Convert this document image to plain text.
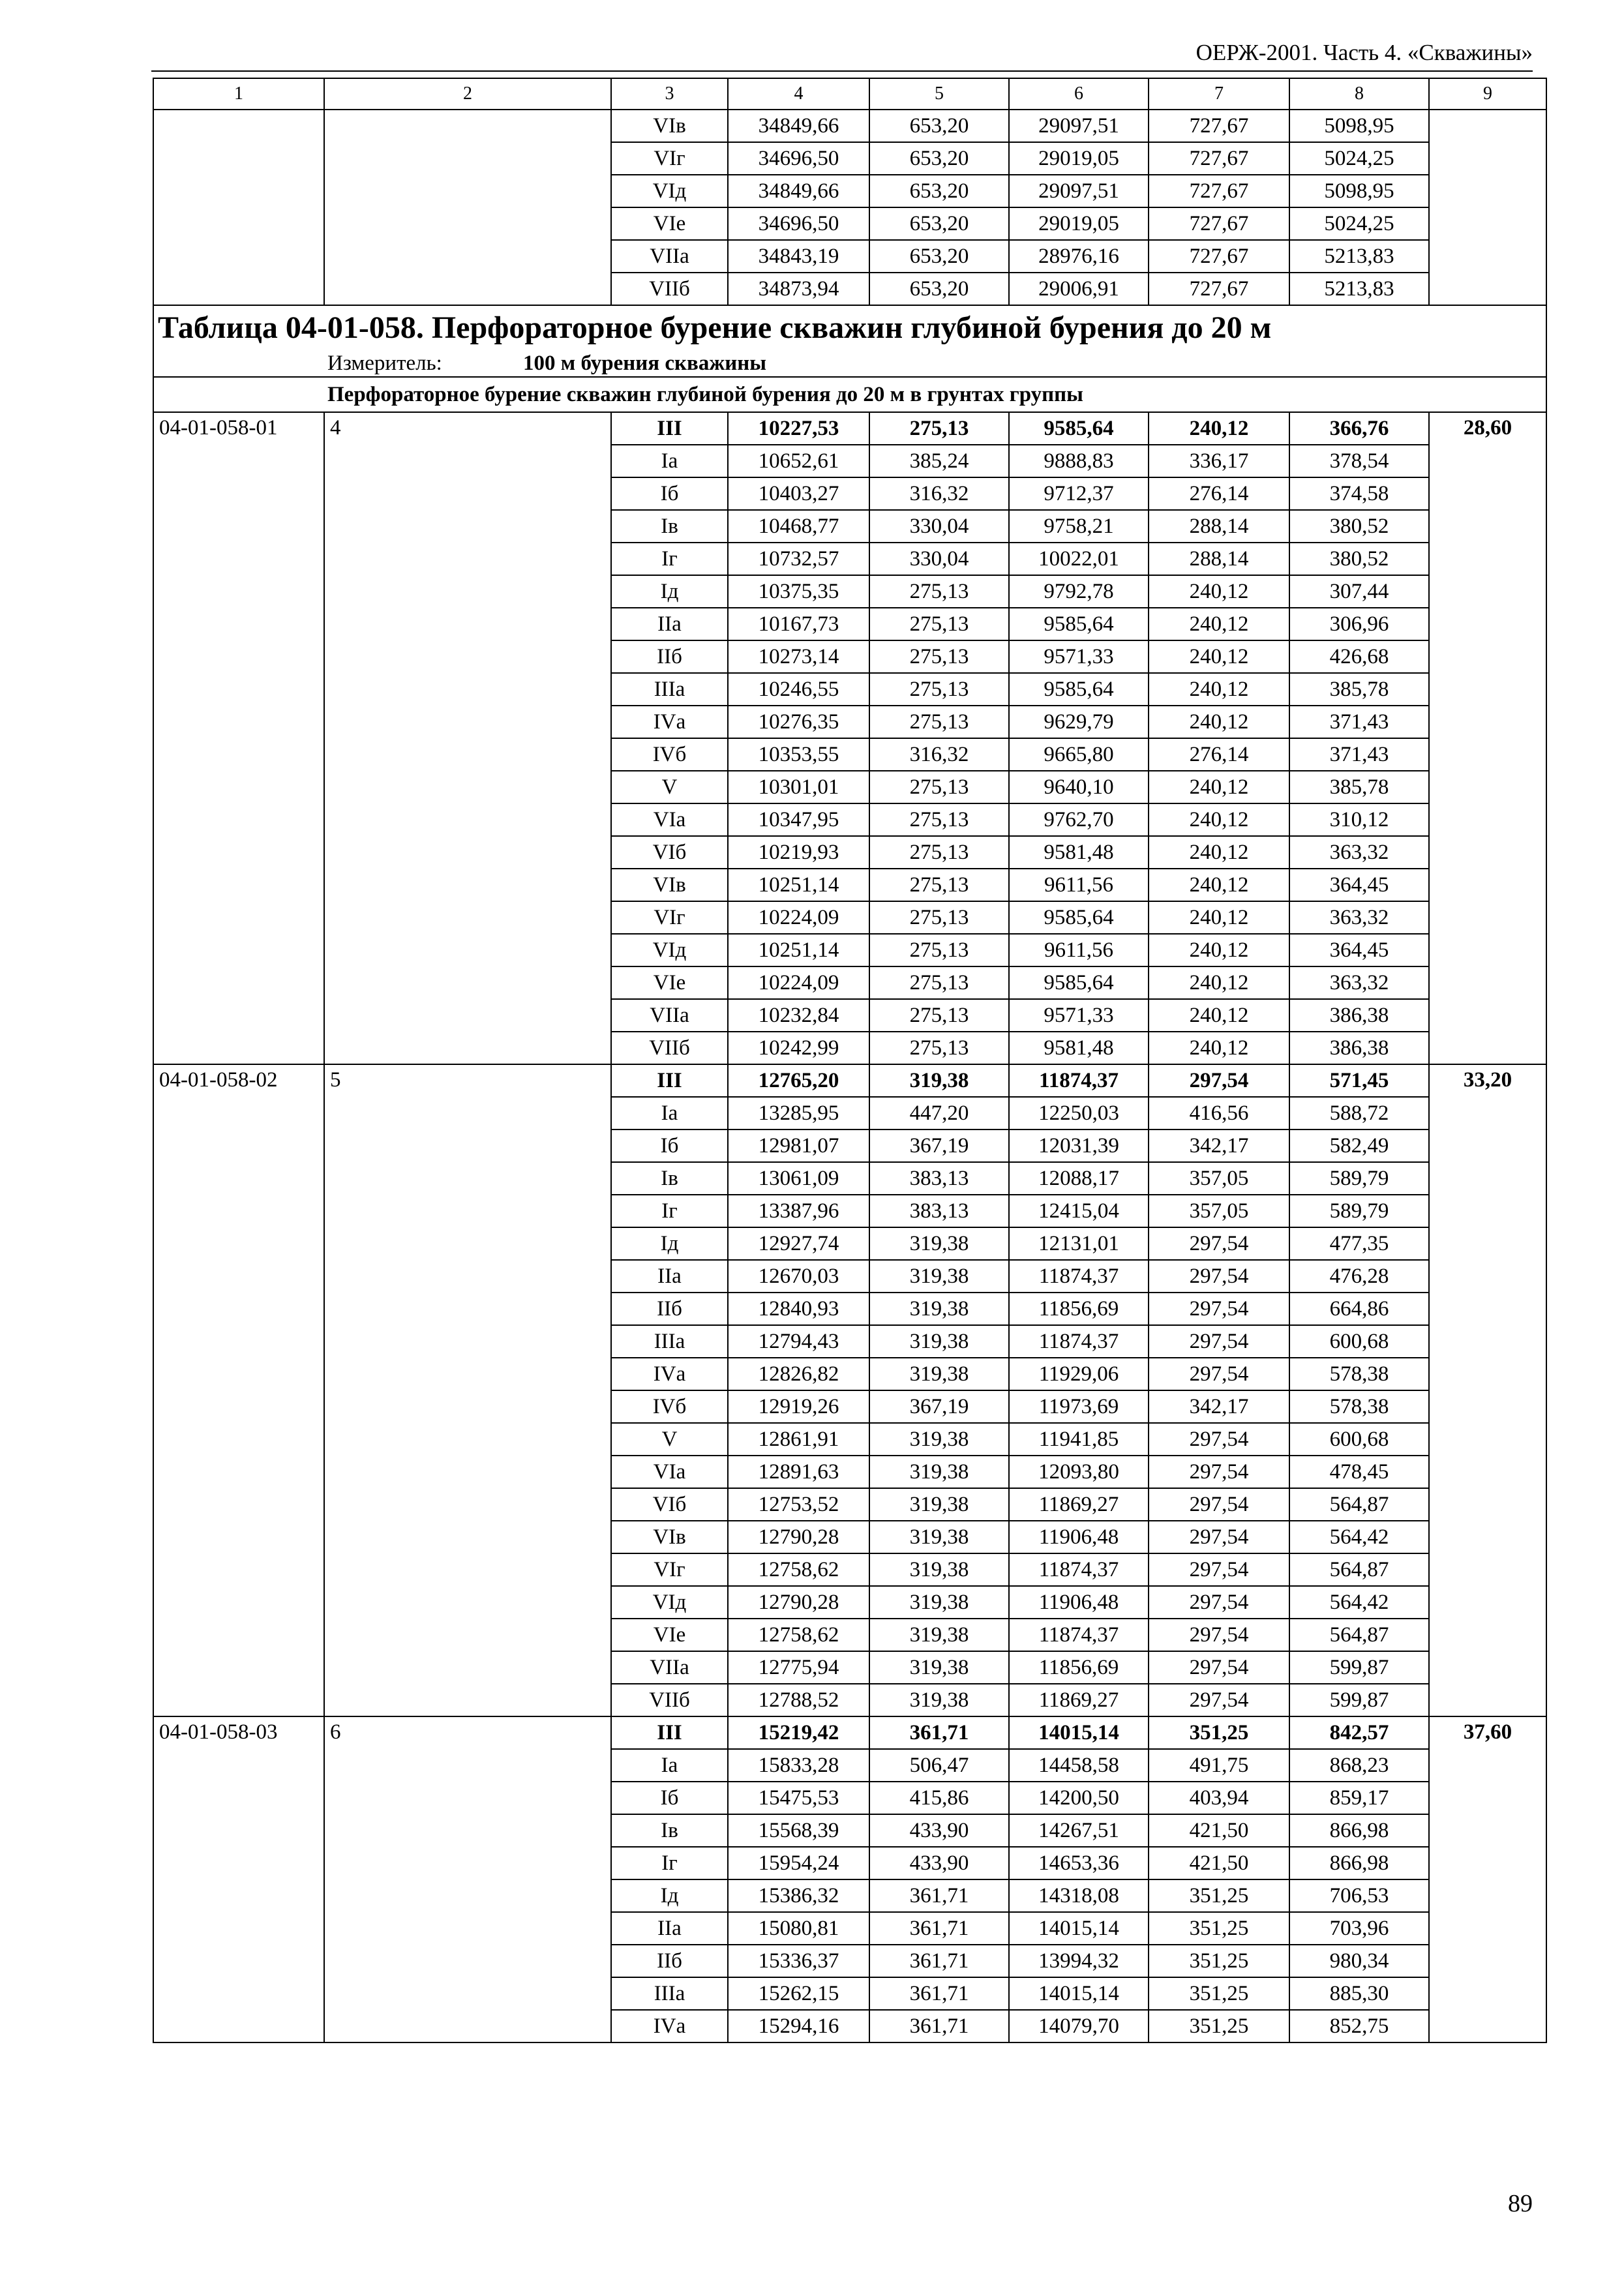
ОЕРЖ-2001. Часть 4. «Скважины»
1	2	3	4	5	6	7	8	9
		VIв	34849,66	653,20	29097,51	727,67	5098,95	
		VIг	34696,50	653,20	29019,05	727,67	5024,25	
		VIд	34849,66	653,20	29097,51	727,67	5098,95	
		VIе	34696,50	653,20	29019,05	727,67	5024,25	
		VIIа	34843,19	653,20	28976,16	727,67	5213,83	
		VIIб	34873,94	653,20	29006,91	727,67	5213,83	
Таблица 04-01-058. Перфораторное бурение скважин глубиной бурения до 20 м								
Измеритель: 100 м бурения скважины								
Перфораторное бурение скважин глубиной бурения до 20 м в грунтах группы								
04-01-058-01	4	III	10227,53	275,13	9585,64	240,12	366,76	28,60
		Iа	10652,61	385,24	9888,83	336,17	378,54	
		Iб	10403,27	316,32	9712,37	276,14	374,58	
		Iв	10468,77	330,04	9758,21	288,14	380,52	
		Iг	10732,57	330,04	10022,01	288,14	380,52	
		Iд	10375,35	275,13	9792,78	240,12	307,44	
		IIа	10167,73	275,13	9585,64	240,12	306,96	
		IIб	10273,14	275,13	9571,33	240,12	426,68	
		IIIа	10246,55	275,13	9585,64	240,12	385,78	
		IVа	10276,35	275,13	9629,79	240,12	371,43	
		IVб	10353,55	316,32	9665,80	276,14	371,43	
		V	10301,01	275,13	9640,10	240,12	385,78	
		VIа	10347,95	275,13	9762,70	240,12	310,12	
		VIб	10219,93	275,13	9581,48	240,12	363,32	
		VIв	10251,14	275,13	9611,56	240,12	364,45	
		VIг	10224,09	275,13	9585,64	240,12	363,32	
		VIд	10251,14	275,13	9611,56	240,12	364,45	
		VIе	10224,09	275,13	9585,64	240,12	363,32	
		VIIа	10232,84	275,13	9571,33	240,12	386,38	
		VIIб	10242,99	275,13	9581,48	240,12	386,38	
04-01-058-02	5	III	12765,20	319,38	11874,37	297,54	571,45	33,20
		Iа	13285,95	447,20	12250,03	416,56	588,72	
		Iб	12981,07	367,19	12031,39	342,17	582,49	
		Iв	13061,09	383,13	12088,17	357,05	589,79	
		Iг	13387,96	383,13	12415,04	357,05	589,79	
		Iд	12927,74	319,38	12131,01	297,54	477,35	
		IIа	12670,03	319,38	11874,37	297,54	476,28	
		IIб	12840,93	319,38	11856,69	297,54	664,86	
		IIIа	12794,43	319,38	11874,37	297,54	600,68	
		IVа	12826,82	319,38	11929,06	297,54	578,38	
		IVб	12919,26	367,19	11973,69	342,17	578,38	
		V	12861,91	319,38	11941,85	297,54	600,68	
		VIа	12891,63	319,38	12093,80	297,54	478,45	
		VIб	12753,52	319,38	11869,27	297,54	564,87	
		VIв	12790,28	319,38	11906,48	297,54	564,42	
		VIг	12758,62	319,38	11874,37	297,54	564,87	
		VIд	12790,28	319,38	11906,48	297,54	564,42	
		VIе	12758,62	319,38	11874,37	297,54	564,87	
		VIIа	12775,94	319,38	11856,69	297,54	599,87	
		VIIб	12788,52	319,38	11869,27	297,54	599,87	
04-01-058-03	6	III	15219,42	361,71	14015,14	351,25	842,57	37,60
		Iа	15833,28	506,47	14458,58	491,75	868,23	
		Iб	15475,53	415,86	14200,50	403,94	859,17	
		Iв	15568,39	433,90	14267,51	421,50	866,98	
		Iг	15954,24	433,90	14653,36	421,50	866,98	
		Iд	15386,32	361,71	14318,08	351,25	706,53	
		IIа	15080,81	361,71	14015,14	351,25	703,96	
		IIб	15336,37	361,71	13994,32	351,25	980,34	
		IIIа	15262,15	361,71	14015,14	351,25	885,30	
		IVа	15294,16	361,71	14079,70	351,25	852,75	
89
